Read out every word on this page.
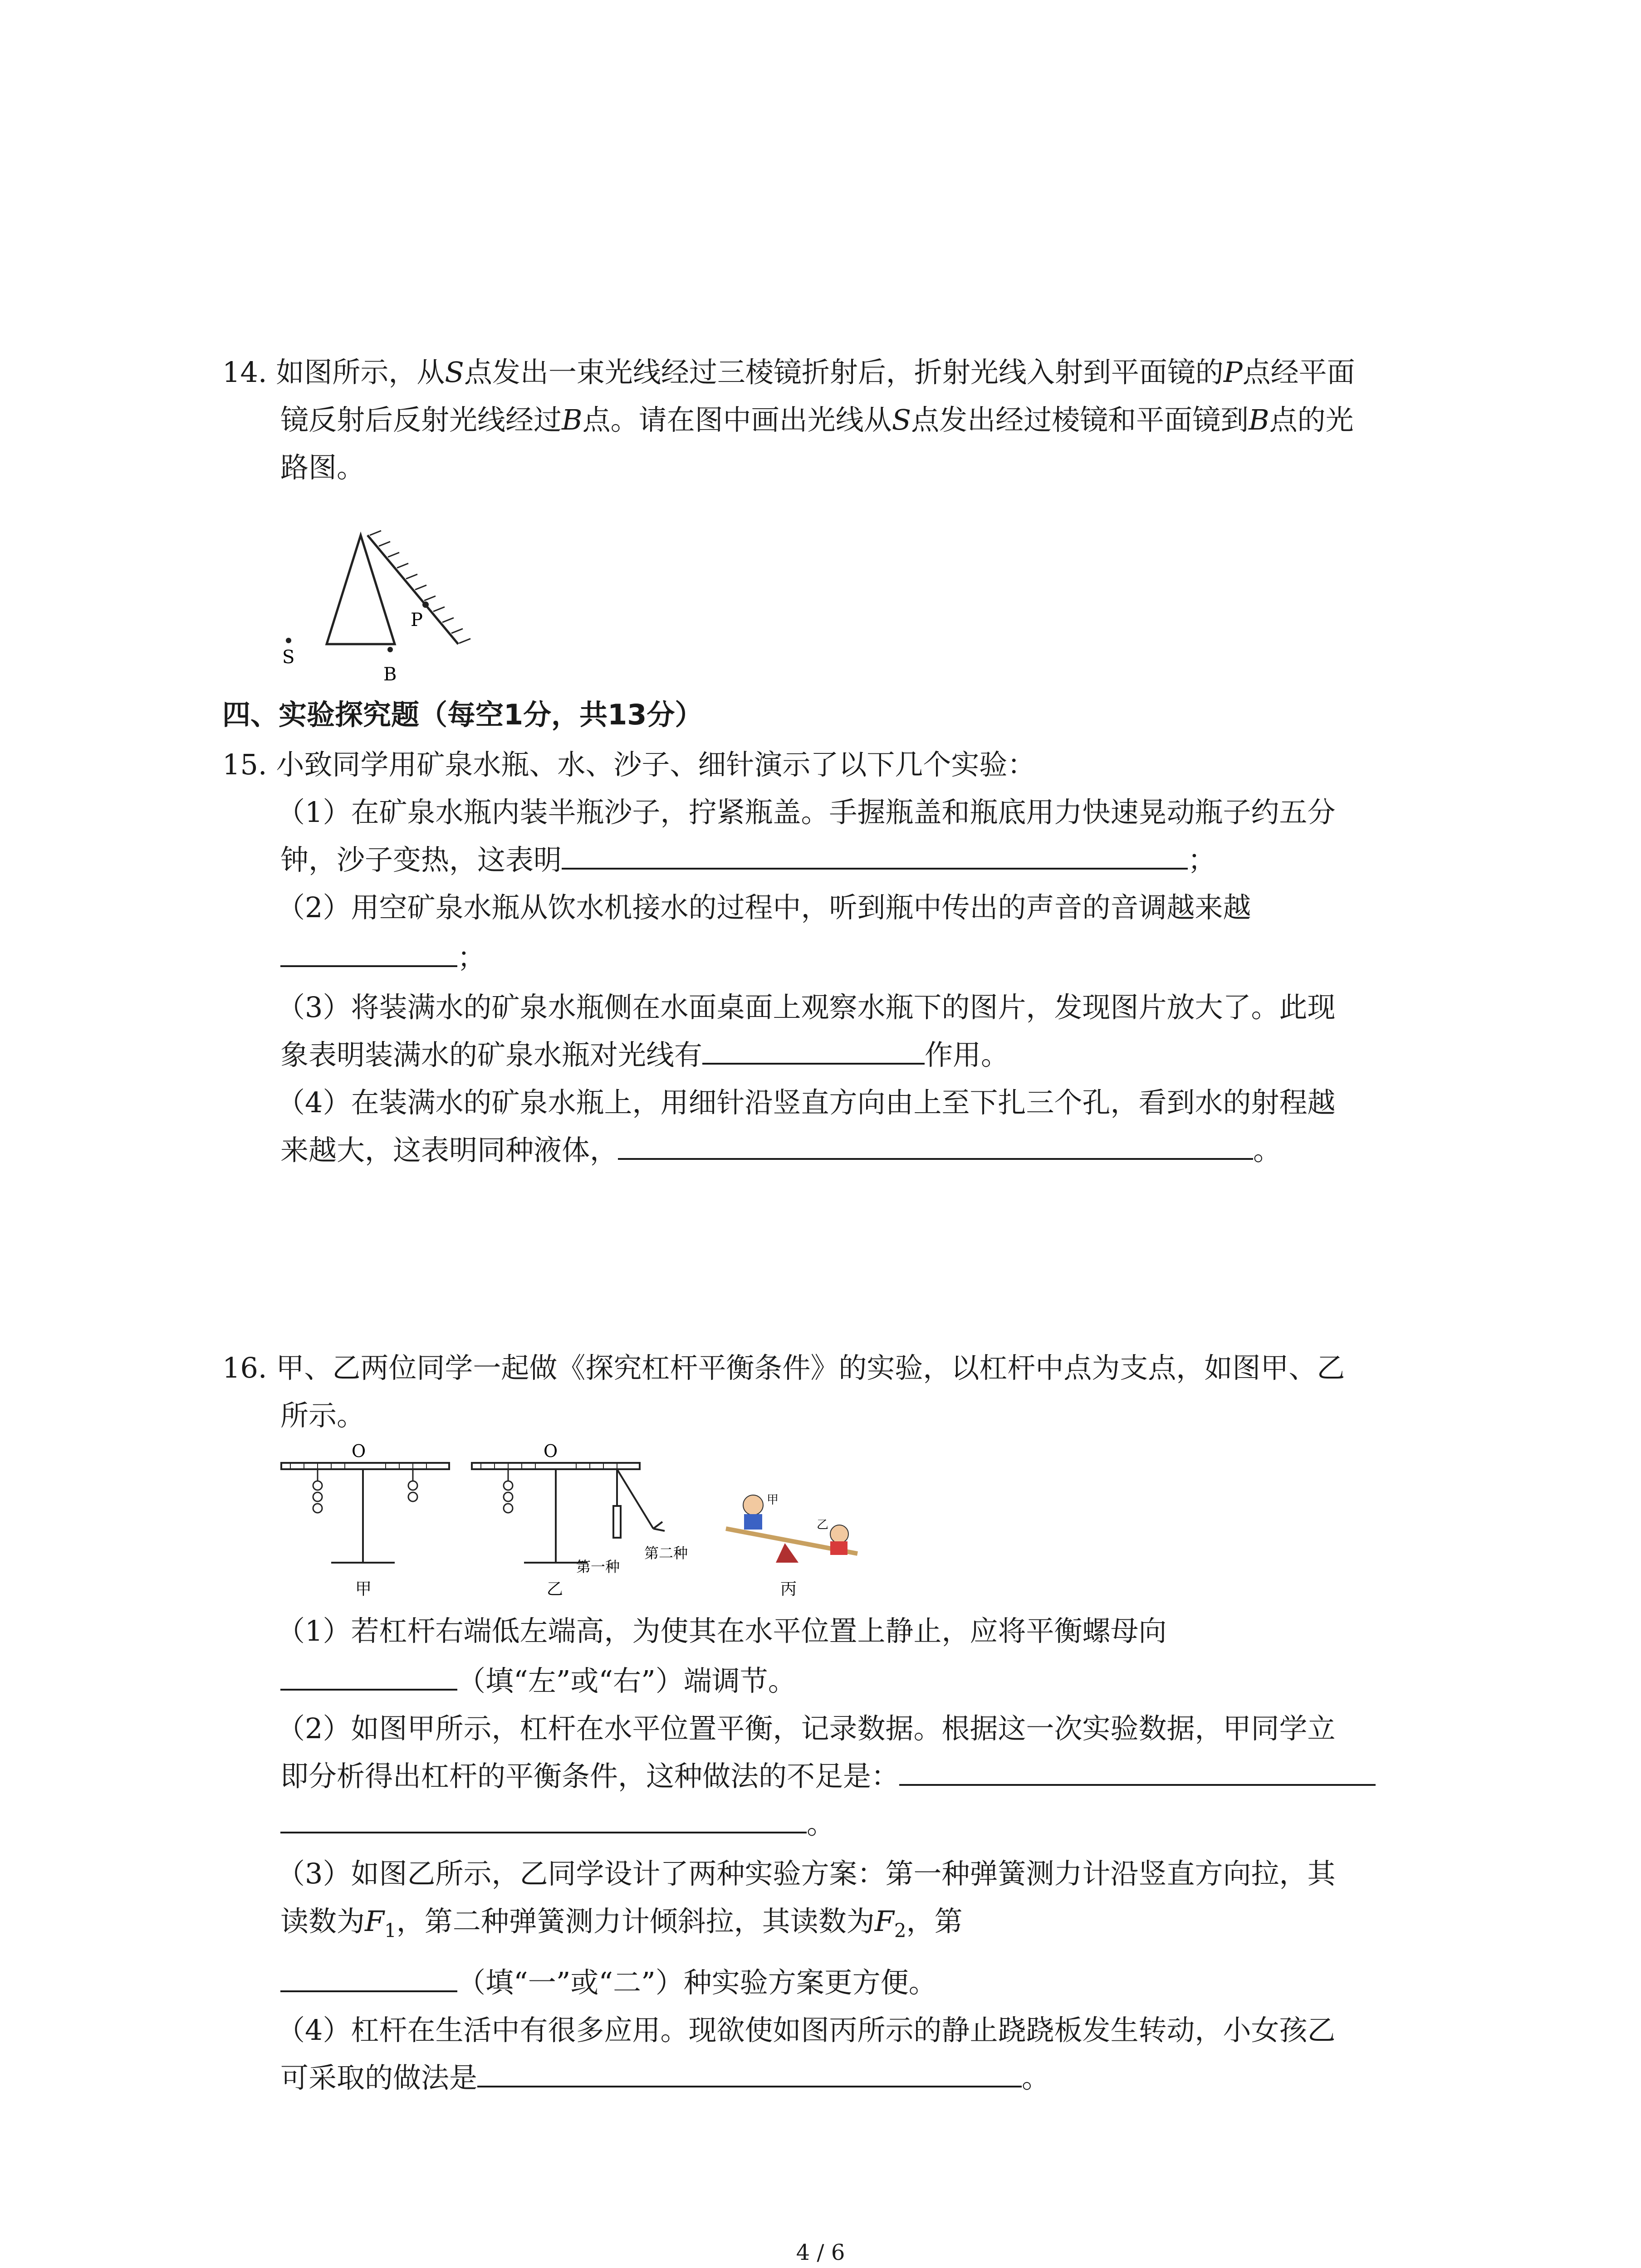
14. 如图所示，从S点发出一束光线经过三棱镜折射后，折射光线入射到平面镜的P点经平面
镜反射后反射光线经过B点。请在图中画出光线从S点发出经过棱镜和平面镜到B点的光
路图。
P
S
B
四、实验探究题（每空1分，共13分）
15. 小致同学用矿泉水瓶、水、沙子、细针演示了以下几个实验：
（1）在矿泉水瓶内装半瓶沙子，拧紧瓶盖。手握瓶盖和瓶底用力快速晃动瓶子约五分
钟，沙子变热，这表明	；
（2）用空矿泉水瓶从饮水机接水的过程中，听到瓶中传出的声音的音调越来越
；
（3）将装满水的矿泉水瓶侧在水面桌面上观察水瓶下的图片，发现图片放大了。此现
象表明装满水的矿泉水瓶对光线有	作用。
（4）在装满水的矿泉水瓶上，用细针沿竖直方向由上至下扎三个孔，看到水的射程越
来越大，这表明同种液体，	。
16. 甲、乙两位同学一起做《探究杠杆平衡条件》的实验，以杠杆中点为支点，如图甲、乙
所示。
O
甲
O
第一种
第二种
乙
甲
乙
丙
（1）若杠杆右端低左端高，为使其在水平位置上静止，应将平衡螺母向
（填“左”或“右”）端调节。
（2）如图甲所示，杠杆在水平位置平衡，记录数据。根据这一次实验数据，甲同学立
即分析得出杠杆的平衡条件，这种做法的不足是：
。
（3）如图乙所示，乙同学设计了两种实验方案：第一种弹簧测力计沿竖直方向拉，其
读数为$F_1$，第二种弹簧测力计倾斜拉，其读数为$F_2$，第
（填“一”或“二”）种实验方案更方便。
（4）杠杆在生活中有很多应用。现欲使如图丙所示的静止跷跷板发生转动，小女孩乙
可采取的做法是	。
4 / 6
